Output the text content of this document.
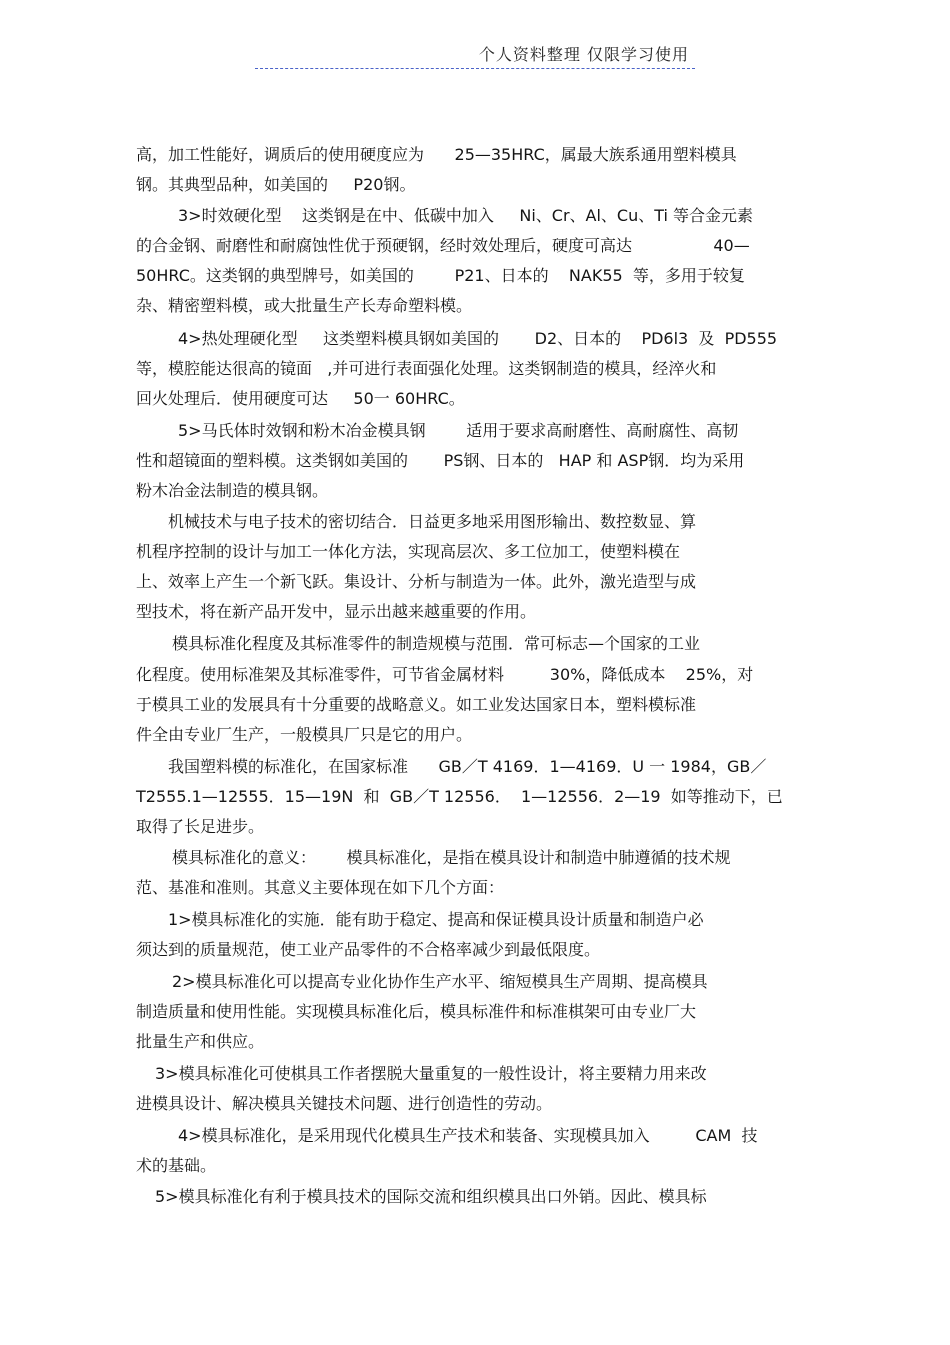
个人资料整理 仅限学习使用
高，加工性能好，调质后的使用硬度应为      25—35HRC，属最大族系通用塑料模具
钢。其典型品种，如美国的     P20钢。
3>时效硬化型    这类钢是在中、低碳中加入     Ni、Cr、Al、Cu、Ti 等合金元素
的合金钢、耐磨性和耐腐蚀性优于预硬钢，经时效处理后，硬度可高达                40—
50HRC。这类钢的典型牌号，如美国的        P21、日本的    NAK55  等，多用于较复
杂、精密塑料模，或大批量生产长寿命塑料模。
4>热处理硬化型     这类塑料模具钢如美国的       D2、日本的    PD6l3  及  PD555
等，模腔能达很高的镜面   ,并可进行表面强化处理。这类钢制造的模具，经淬火和
回火处理后．使用硬度可达     50一 60HRC。
5>马氏体时效钢和粉木冶金模具钢        适用于要求高耐磨性、高耐腐性、高韧
性和超镜面的塑料模。这类钢如美国的       PS钢、日本的   HAP 和 ASP钢．均为采用
粉木冶金法制造的模具钢。
机械技术与电子技术的密切结合．日益更多地采用图形输出、数控数显、算
机程序控制的设计与加工一体化方法，实现高层次、多工位加工，使塑料模在
上、效率上产生一个新飞跃。集设计、分析与制造为一体。此外，激光造型与成
型技术，将在新产品开发中，显示出越来越重要的作用。
模具标准化程度及其标准零件的制造规模与范围．常可标志—个国家的工业
化程度。使用标准架及其标准零件，可节省金属材料         30%，降低成本    25%，对
于模具工业的发展具有十分重要的战略意义。如工业发达国家日本，塑料模标准
件全由专业厂生产，一般模具厂只是它的用户。
我国塑料模的标准化，在国家标准      GB／T 4169．1—4169．U 一 1984，GB／
T2555.1—12555．15—19N  和  GB／T 12556．  1—12556．2—19  如等推动下，已
取得了长足进步。
模具标准化的意义：      模具标准化，是指在模具设计和制造中肺遵循的技术规
范、基准和准则。其意义主要体现在如下几个方面：
1>模具标准化的实施．能有助于稳定、提高和保证模具设计质量和制造户必
须达到的质量规范，使工业产品零件的不合格率减少到最低限度。
2>模具标准化可以提高专业化协作生产水平、缩短模具生产周期、提高模具
制造质量和使用性能。实现模具标准化后，模具标准件和标准棋架可由专业厂大
批量生产和供应。
3>模具标准化可使棋具工作者摆脱大量重复的一般性设计，将主要精力用来改
进模具设计、解决模具关键技术问题、进行创造性的劳动。
4>模具标准化，是采用现代化模具生产技术和装备、实现模具加入         CAM  技
术的基础。
5>模具标准化有利于模具技术的国际交流和组织模具出口外销。因此、模具标
